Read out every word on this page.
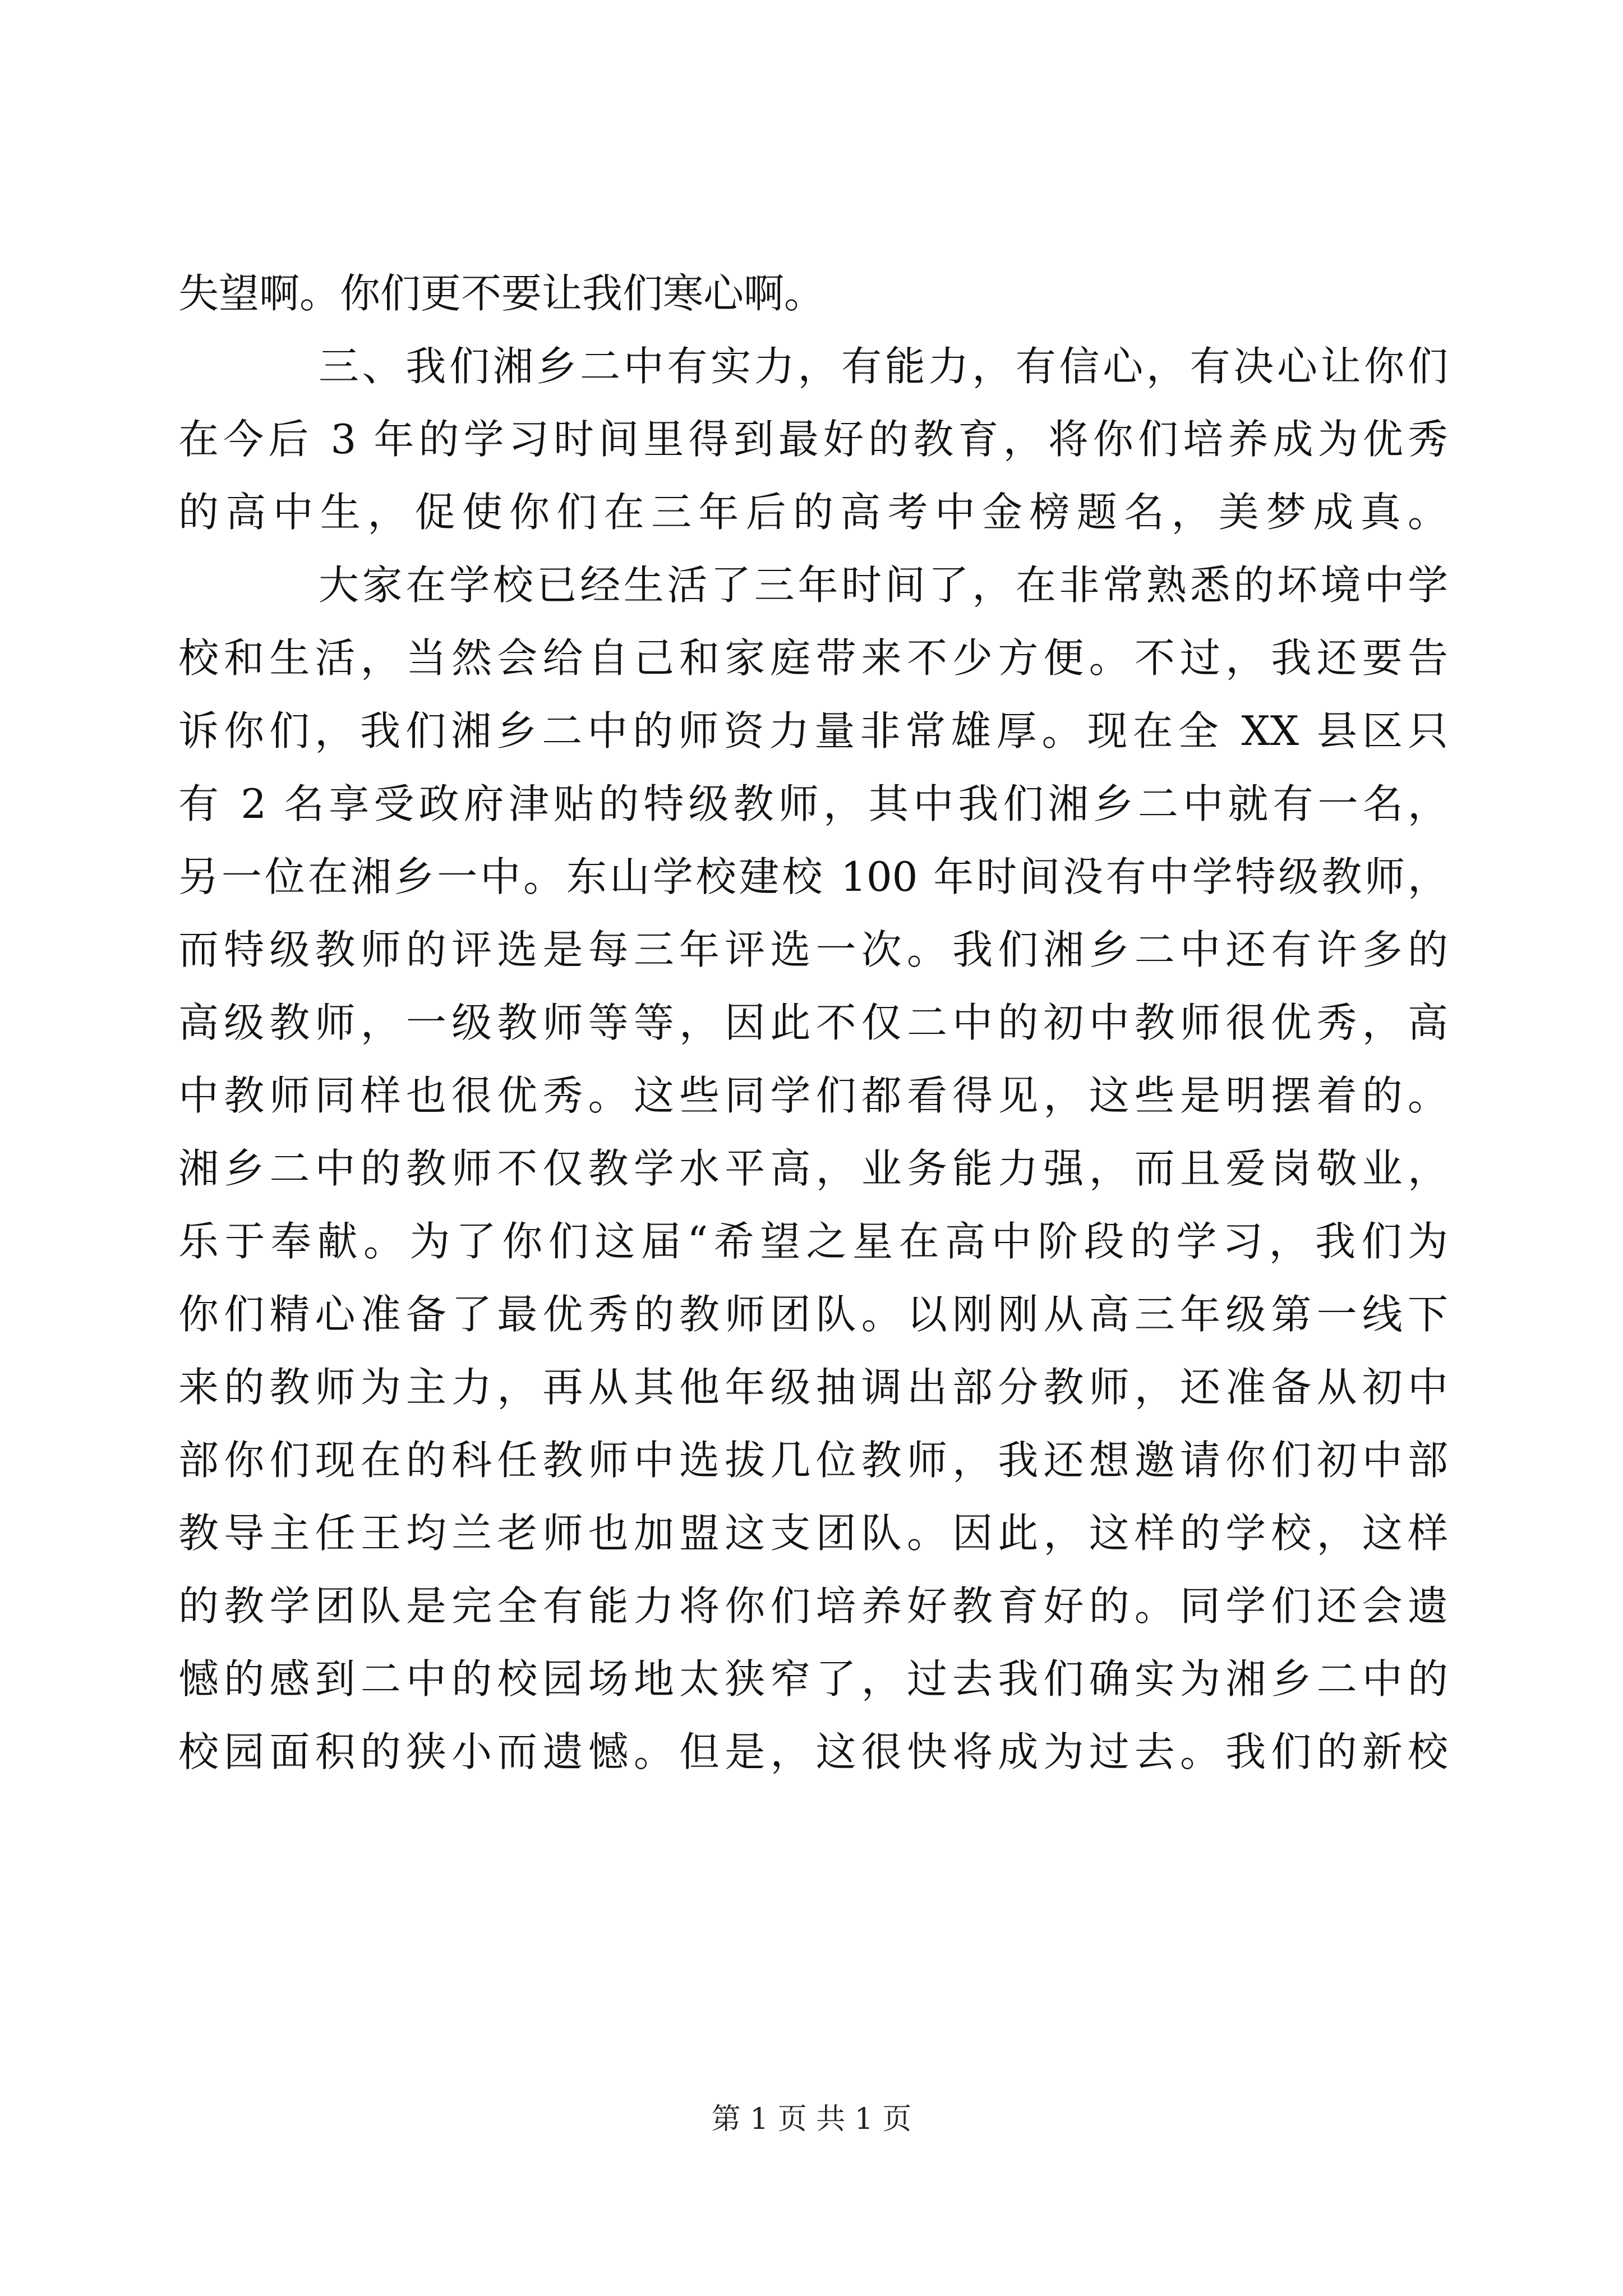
失望啊。你们更不要让我们寒心啊。
三、我们湘乡二中有实力，有能力，有信心，有决心让你们
在今后 3 年的学习时间里得到最好的教育，将你们培养成为优秀
的高中生，促使你们在三年后的高考中金榜题名，美梦成真。
大家在学校已经生活了三年时间了，在非常熟悉的坏境中学
校和生活，当然会给自己和家庭带来不少方便。不过，我还要告
诉你们，我们湘乡二中的师资力量非常雄厚。现在全 XX 县区只
有 2 名享受政府津贴的特级教师，其中我们湘乡二中就有一名，
另一位在湘乡一中。东山学校建校 100 年时间没有中学特级教师，
而特级教师的评选是每三年评选一次。我们湘乡二中还有许多的
高级教师，一级教师等等，因此不仅二中的初中教师很优秀，高
中教师同样也很优秀。这些同学们都看得见，这些是明摆着的。
湘乡二中的教师不仅教学水平高，业务能力强，而且爱岗敬业，
乐于奉献。为了你们这届“希望之星在高中阶段的学习，我们为
你们精心准备了最优秀的教师团队。以刚刚从高三年级第一线下
来的教师为主力，再从其他年级抽调出部分教师，还准备从初中
部你们现在的科任教师中选拔几位教师，我还想邀请你们初中部
教导主任王均兰老师也加盟这支团队。因此，这样的学校，这样
的教学团队是完全有能力将你们培养好教育好的。同学们还会遗
憾的感到二中的校园场地太狭窄了，过去我们确实为湘乡二中的
校园面积的狭小而遗憾。但是，这很快将成为过去。我们的新校
第 1 页 共 1 页
